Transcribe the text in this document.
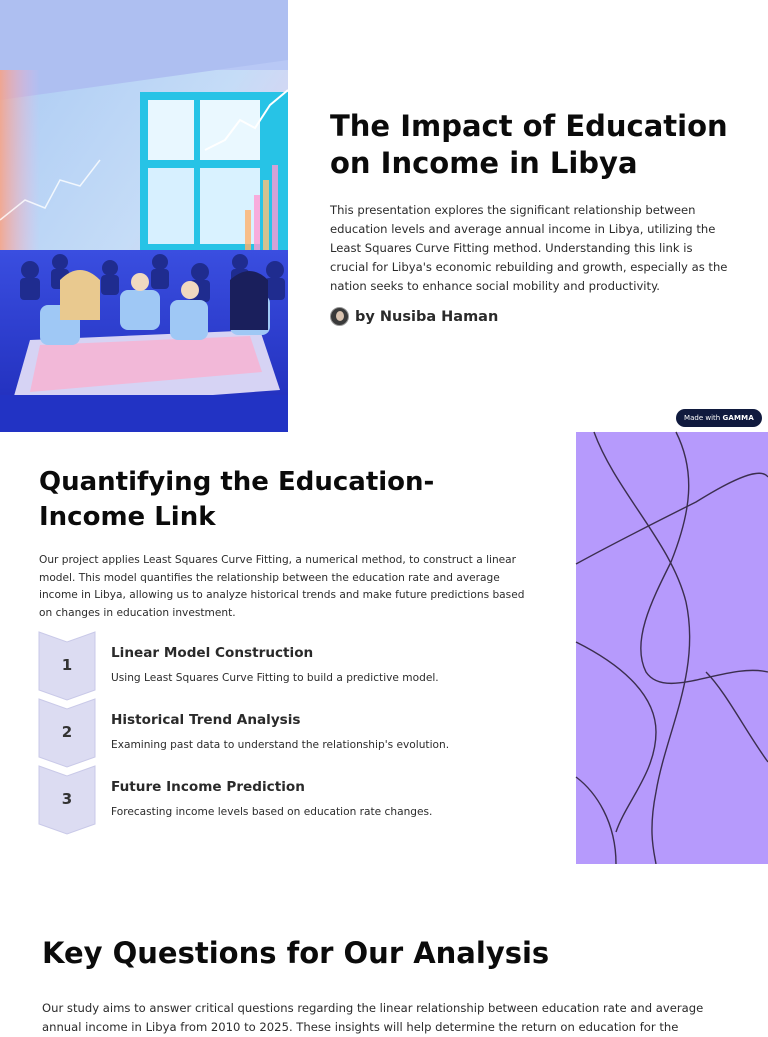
The Impact of Education on Income in Libya

This presentation explores the significant relationship between education levels and average annual income in Libya, utilizing the Least Squares Curve Fitting method. Understanding this link is crucial for Libya's economic rebuilding and growth, especially as the nation seeks to enhance social mobility and productivity.

by Nusiba Haman
Made with GAMMA
Quantifying the Education-Income Link

Our project applies Least Squares Curve Fitting, a numerical method, to construct a linear model. This model quantifies the relationship between the education rate and average income in Libya, allowing us to analyze historical trends and make future predictions based on changes in education investment.

1
Linear Model Construction
Using Least Squares Curve Fitting to build a predictive model.
2
Historical Trend Analysis
Examining past data to understand the relationship's evolution.
3
Future Income Prediction
Forecasting income levels based on education rate changes.
Key Questions for Our Analysis

Our study aims to answer critical questions regarding the linear relationship between education rate and average annual income in Libya from 2010 to 2025. These insights will help determine the return on education for the
